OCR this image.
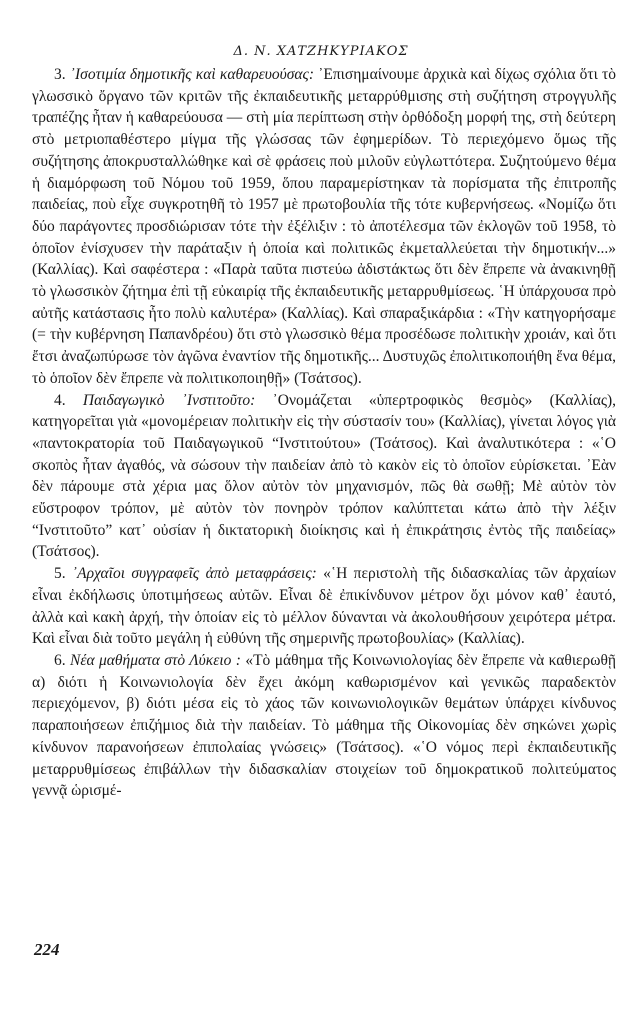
Δ. Ν. ΧΑΤΖΗΚΥΡΙΑΚΟΣ

3. ᾿Ισοτιμία δημοτικῆς καὶ καθαρευούσας: ᾿Επισημαίνουμε ἀρχικὰ καὶ δίχως σχόλια ὅτι τὸ γλωσσικὸ ὄργανο τῶν κριτῶν τῆς ἐκπαιδευτικῆς μεταρρύθμισης στὴ συζήτηση στρογγυλῆς τραπέζης ἦταν ἡ καθαρεύουσα — στὴ μία περίπτωση στὴν ὀρθόδοξη μορφή της, στὴ δεύτερη στὸ μετριοπαθέστερο μίγμα τῆς γλώσσας τῶν ἐφημερίδων. Τὸ περιεχόμενο ὅμως τῆς συζήτησης ἀποκρυσταλλώθηκε καὶ σὲ φράσεις ποὺ μιλοῦν εὐγλωττότερα. Συζητούμενο θέμα ἡ διαμόρφωση τοῦ Νόμου τοῦ 1959, ὅπου παραμερίστηκαν τὰ πορίσματα τῆς ἐπιτροπῆς παιδείας, ποὺ εἶχε συγκροτηθῆ τὸ 1957 μὲ πρωτοβουλία τῆς τότε κυβερνήσεως. «Νομίζω ὅτι δύο παράγοντες προσδιώρισαν τότε τὴν ἐξέλιξιν : τὸ ἀποτέλεσμα τῶν ἐκλογῶν τοῦ 1958, τὸ ὁποῖον ἐνίσχυσεν τὴν παράταξιν ἡ ὁποία καὶ πολιτικῶς ἐκμεταλλεύεται τὴν δημοτικήν...» (Καλλίας). Καὶ σαφέστερα : «Παρὰ ταῦτα πιστεύω ἀδιστάκτως ὅτι δὲν ἔπρεπε νὰ ἀνακινηθῇ τὸ γλωσσικὸν ζήτημα ἐπὶ τῇ εὐκαιρίᾳ τῆς ἐκπαιδευτικῆς μεταρρυθμίσεως. ῾Η ὑπάρχουσα πρὸ αὐτῆς κατάστασις ἦτο πολὺ καλυτέρα» (Καλλίας). Καὶ σπαραξικάρδια : «Τὴν κατηγορήσαμε (= τὴν κυβέρνηση Παπανδρέου) ὅτι στὸ γλωσσικὸ θέμα προσέδωσε πολιτικὴν χροιάν, καὶ ὅτι ἔτσι ἀναζωπύρωσε τὸν ἀγῶνα ἐναντίον τῆς δημοτικῆς... Δυστυχῶς ἐπολιτικοποιήθη ἕνα θέμα, τὸ ὁποῖον δὲν ἔπρεπε νὰ πολιτικοποιηθῇ» (Τσάτσος).

4. Παιδαγωγικὸ ᾿Ινστιτοῦτο: ᾿Ονομάζεται «ὑπερτροφικὸς θεσμὸς» (Καλλίας), κατηγορεῖται γιὰ «μονομέρειαν πολιτικὴν εἰς τὴν σύστασίν του» (Καλλίας), γίνεται λόγος γιὰ «παντοκρατορία τοῦ Παιδαγωγικοῦ “Ινστιτούτου» (Τσάτσος). Καὶ ἀναλυτικότερα : «῾Ο σκοπὸς ἦταν ἀγαθός, νὰ σώσουν τὴν παιδείαν ἀπὸ τὸ κακὸν εἰς τὸ ὁποῖον εὑρίσκεται. ᾿Εὰν δὲν πάρουμε στὰ χέρια μας ὅλον αὐτὸν τὸν μηχανισμόν, πῶς θὰ σωθῇ; Μὲ αὐτὸν τὸν εὔστροφον τρόπον, μὲ αὐτὸν τὸν πονηρὸν τρόπον καλύπτεται κάτω ἀπὸ τὴν λέξιν “Ινστιτοῦτο” κατ᾿ οὐσίαν ἡ δικτατορικὴ διοίκησις καὶ ἡ ἐπικράτησις ἐντὸς τῆς παιδείας» (Τσάτσος).

5. ᾿Αρχαῖοι συγγραφεῖς ἀπὸ μεταφράσεις: «῾Η περιστολὴ τῆς διδασκαλίας τῶν ἀρχαίων εἶναι ἐκδήλωσις ὑποτιμήσεως αὐτῶν. Εἶναι δὲ ἐπικίνδυνον μέτρον ὄχι μόνον καθ᾿ ἑαυτό, ἀλλὰ καὶ κακὴ ἀρχή, τὴν ὁποίαν εἰς τὸ μέλλον δύνανται νὰ ἀκολουθήσουν χειρότερα μέτρα. Καὶ εἶναι διὰ τοῦτο μεγάλη ἡ εὐθύνη τῆς σημερινῆς πρωτοβουλίας» (Καλλίας).

6. Νέα μαθήματα στὸ Λύκειο : «Τὸ μάθημα τῆς Κοινωνιολογίας δὲν ἔπρεπε νὰ καθιερωθῇ α) διότι ἡ Κοινωνιολογία δὲν ἔχει ἀκόμη καθωρισμένον καὶ γενικῶς παραδεκτὸν περιεχόμενον, β) διότι μέσα εἰς τὸ χάος τῶν κοινωνιολογικῶν θεμάτων ὑπάρχει κίνδυνος παραποιήσεων ἐπιζήμιος διὰ τὴν παιδείαν. Τὸ μάθημα τῆς Οἰκονομίας δὲν σηκώνει χωρὶς κίνδυνον παρανοήσεων ἐπιπολαίας γνώσεις» (Τσάτσος). «῾Ο νόμος περὶ ἐκπαιδευτικῆς μεταρρυθμίσεως ἐπιβάλλων τὴν διδασκαλίαν στοιχείων τοῦ δημοκρατικοῦ πολιτεύματος γεννᾷ ὡρισμέ-

224
